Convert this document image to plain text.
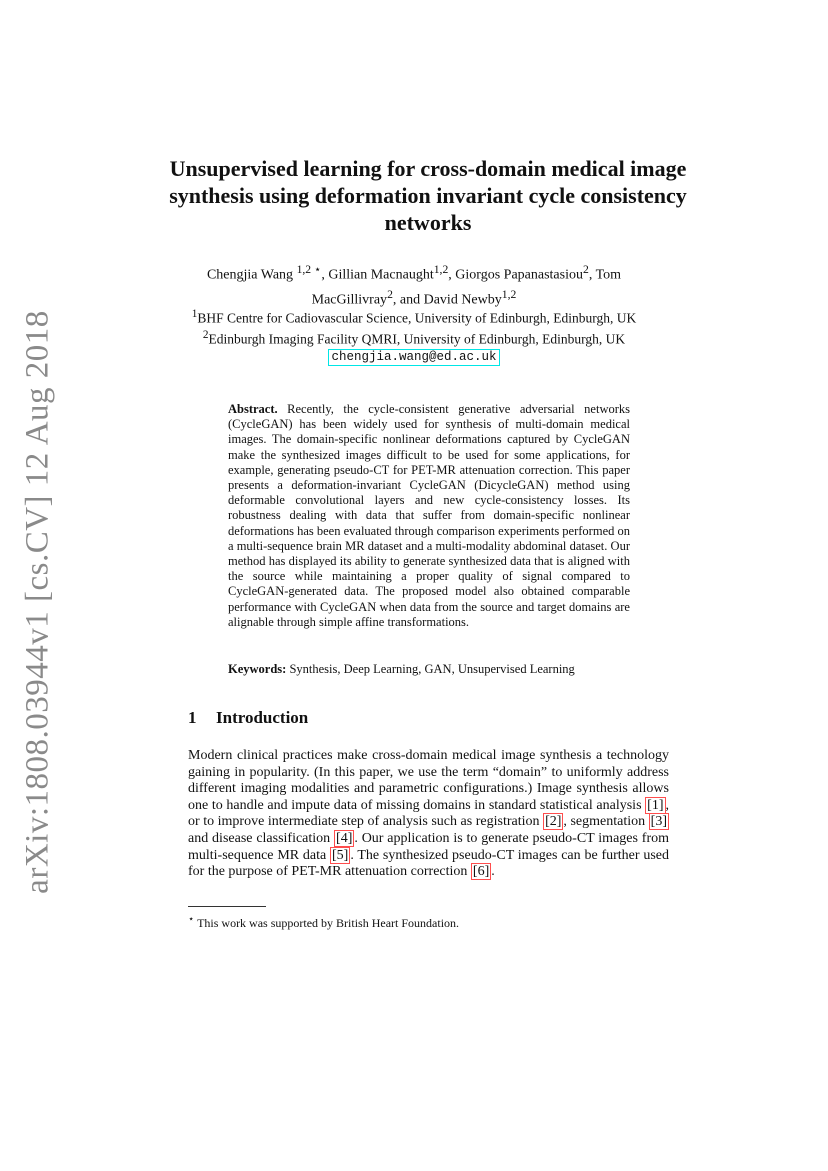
arXiv:1808.03944v1 [cs.CV] 12 Aug 2018
Unsupervised learning for cross-domain medical image synthesis using deformation invariant cycle consistency networks
Chengjia Wang $^{1,2 ⋆}$, Gillian Macnaught$^{1,2}$, Giorgos Papanastasiou$^2$, Tom MacGillivray$^2$, and David Newby$^{1,2}$
$^1$BHF Centre for Cadiovascular Science, University of Edinburgh, Edinburgh, UK
$^2$Edinburgh Imaging Facility QMRI, University of Edinburgh, Edinburgh, UK
chengjia.wang@ed.ac.uk

Abstract. Recently, the cycle-consistent generative adversarial networks (CycleGAN) has been widely used for synthesis of multi-domain medical images. The domain-specific nonlinear deformations captured by CycleGAN make the synthesized images difficult to be used for some applications, for example, generating pseudo-CT for PET-MR attenuation correction. This paper presents a deformation-invariant CycleGAN (DicycleGAN) method using deformable convolutional layers and new cycle-consistency losses. Its robustness dealing with data that suffer from domain-specific nonlinear deformations has been evaluated through comparison experiments performed on a multi-sequence brain MR dataset and a multi-modality abdominal dataset. Our method has displayed its ability to generate synthesized data that is aligned with the source while maintaining a proper quality of signal compared to CycleGAN-generated data. The proposed model also obtained comparable performance with CycleGAN when data from the source and target domains are alignable through simple affine transformations.

Keywords: Synthesis, Deep Learning, GAN, Unsupervised Learning

1 Introduction

Modern clinical practices make cross-domain medical image synthesis a technology gaining in popularity. (In this paper, we use the term “domain” to uniformly address different imaging modalities and parametric configurations.) Image synthesis allows one to handle and impute data of missing domains in standard statistical analysis [1] , or to improve intermediate step of analysis such as registration [2] , segmentation [3] and disease classification [4] . Our application is to generate pseudo-CT images from multi-sequence MR data [5] . The synthesized pseudo-CT images can be further used for the purpose of PET-MR attenuation correction [6] .

⋆ This work was supported by British Heart Foundation.
